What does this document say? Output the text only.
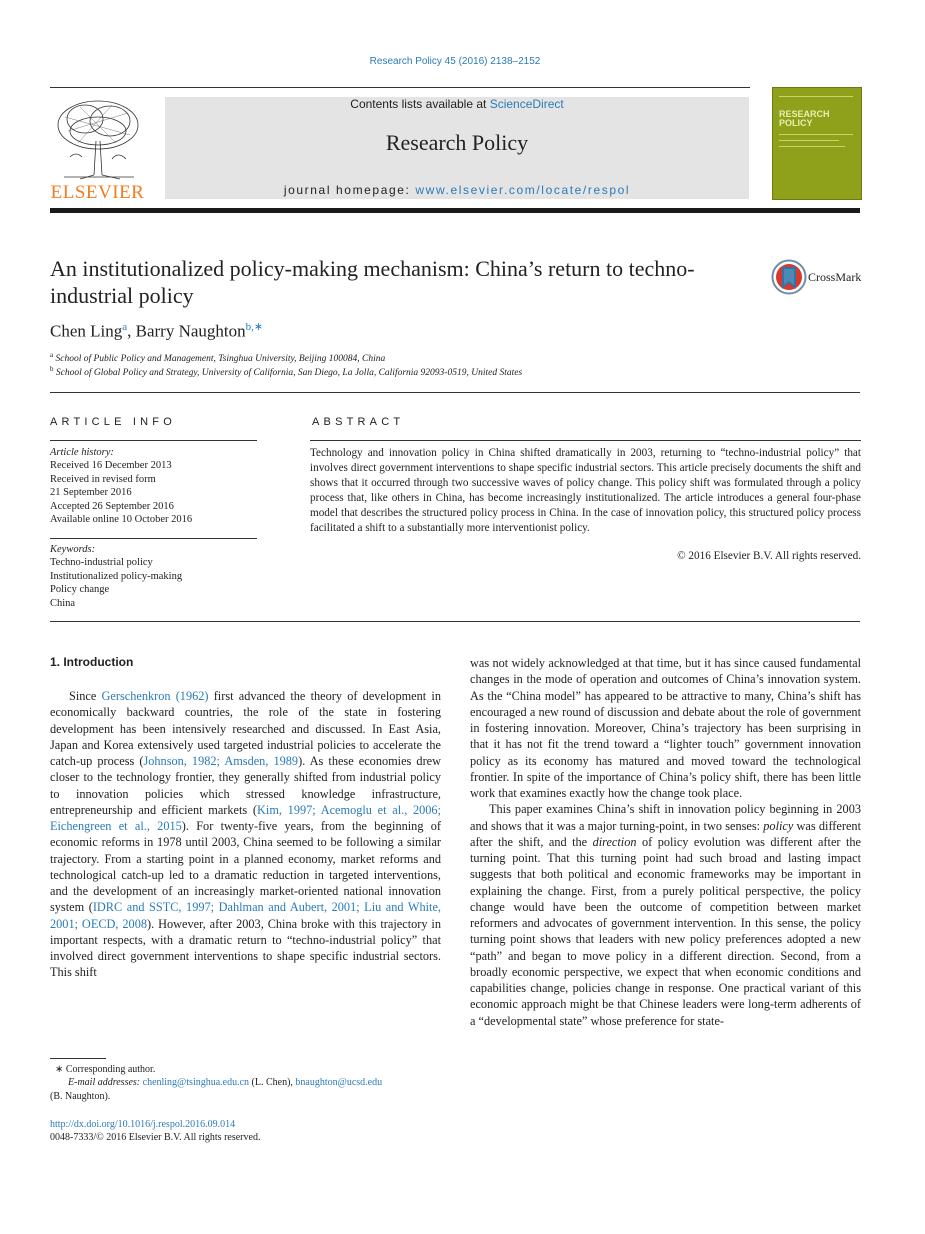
Research Policy 45 (2016) 2138–2152
ELSEVIER
Contents lists available at ScienceDirect
Research Policy
journal homepage: www.elsevier.com/locate/respol
RESEARCH POLICY
An institutionalized policy-making mechanism: China’s return to techno-industrial policy
CrossMark
Chen Ling$^a$, Barry Naughton$^{b,∗}$
$^a$ School of Public Policy and Management, Tsinghua University, Beijing 100084, China
$^b$ School of Global Policy and Strategy, University of California, San Diego, La Jolla, California 92093-0519, United States
ARTICLE INFO
Article history:
Received 16 December 2013
Received in revised form
21 September 2016
Accepted 26 September 2016
Available online 10 October 2016
Keywords:
Techno-industrial policy
Institutionalized policy-making
Policy change
China
ABSTRACT
Technology and innovation policy in China shifted dramatically in 2003, returning to “techno-industrial policy” that involves direct government interventions to shape specific industrial sectors. This article precisely documents the shift and shows that it occurred through two successive waves of policy change. This policy shift was formulated through a policy process that, like others in China, has become increasingly institutionalized. The article introduces a general four-phase model that describes the structured policy process in China. In the case of innovation policy, this structured policy process facilitated a shift to a substantially more interventionist policy.
© 2016 Elsevier B.V. All rights reserved.
1. Introduction

Since Gerschenkron (1962) first advanced the theory of development in economically backward countries, the role of the state in fostering development has been intensively researched and discussed. In East Asia, Japan and Korea extensively used targeted industrial policies to accelerate the catch-up process (Johnson, 1982; Amsden, 1989). As these economies drew closer to the technology frontier, they generally shifted from industrial policy to innovation policies which stressed knowledge infrastructure, entrepreneurship and efficient markets (Kim, 1997; Acemoglu et al., 2006; Eichengreen et al., 2015). For twenty-five years, from the beginning of economic reforms in 1978 until 2003, China seemed to be following a similar trajectory. From a starting point in a planned economy, market reforms and technological catch-up led to a dramatic reduction in targeted interventions, and the development of an increasingly market-oriented national innovation system (IDRC and SSTC, 1997; Dahlman and Aubert, 2001; Liu and White, 2001; OECD, 2008). However, after 2003, China broke with this trajectory in important respects, with a dramatic return to “techno-industrial policy” that involved direct government interventions to shape specific industrial sectors. This shift

was not widely acknowledged at that time, but it has since caused fundamental changes in the mode of operation and outcomes of China’s innovation system. As the “China model” has appeared to be attractive to many, China’s shift has encouraged a new round of discussion and debate about the role of government in fostering innovation. Moreover, China’s trajectory has been surprising in that it has not fit the trend toward a “lighter touch” government innovation policy as its economy has matured and moved toward the technological frontier. In spite of the importance of China’s policy shift, there has been little work that examines exactly how the change took place.

This paper examines China’s shift in innovation policy beginning in 2003 and shows that it was a major turning-point, in two senses: policy was different after the shift, and the direction of policy evolution was different after the turning point. That this turning point had such broad and lasting impact suggests that both political and economic frameworks may be important in explaining the change. First, from a purely political perspective, the policy change would have been the outcome of competition between market reformers and advocates of government intervention. In this sense, the policy turning point shows that leaders with new policy preferences adopted a new “path” and began to move policy in a different direction. Second, from a broadly economic perspective, we expect that when economic conditions and capabilities change, policies change in response. One practical variant of this economic approach might be that Chinese leaders were long-term adherents of a “developmental state” whose preference for state-

∗ Corresponding author.
E-mail addresses: chenling@tsinghua.edu.cn (L. Chen), bnaughton@ucsd.edu
(B. Naughton).
http://dx.doi.org/10.1016/j.respol.2016.09.014
0048-7333/© 2016 Elsevier B.V. All rights reserved.
